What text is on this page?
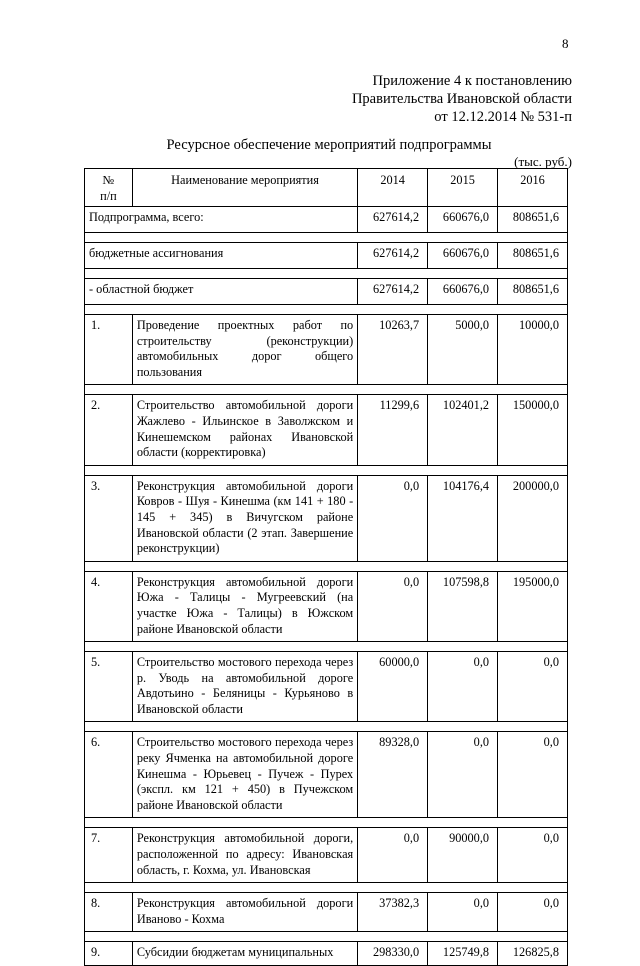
8
Приложение 4 к постановлению
Правительства Ивановской области
от 12.12.2014 № 531-п
Ресурсное обеспечение мероприятий подпрограммы
(тыс. руб.)
№
п/п	Наименование мероприятия	2014	2015	2016
Подпрограмма, всего:		627614,2	660676,0	808651,6

бюджетные ассигнования		627614,2	660676,0	808651,6

- областной бюджет		627614,2	660676,0	808651,6

1.	Проведение проектных работ по строительству (реконструкции) автомобильных дорог общего пользования	10263,7	5000,0	10000,0

2.	Строительство автомобильной дороги Жажлево - Ильинское в Заволжском и Кинешемском районах Ивановской области (корректировка)	11299,6	102401,2	150000,0

3.	Реконструкция автомобильной дороги Ковров - Шуя - Кинешма (км 141 + 180 - 145 + 345) в Вичугском районе Ивановской области (2 этап. Завершение реконструкции)	0,0	104176,4	200000,0

4.	Реконструкция автомобильной дороги Южа - Талицы - Мугреевский (на участке Южа - Талицы) в Южском районе Ивановской области	0,0	107598,8	195000,0

5.	Строительство мостового перехода через р. Уводь на автомобильной дороге Авдотьино - Беляницы - Курьяново в Ивановской области	60000,0	0,0	0,0

6.	Строительство мостового перехода через реку Ячменка на автомобильной дороге Кинешма - Юрьевец - Пучеж - Пурех (экспл. км 121 + 450) в Пучежском районе Ивановской области	89328,0	0,0	0,0

7.	Реконструкция автомобильной дороги, расположенной по адресу: Ивановская область, г. Кохма, ул. Ивановская	0,0	90000,0	0,0

8.	Реконструкция автомобильной дороги Иваново - Кохма	37382,3	0,0	0,0

9.	Субсидии бюджетам муниципальных	298330,0	125749,8	126825,8
